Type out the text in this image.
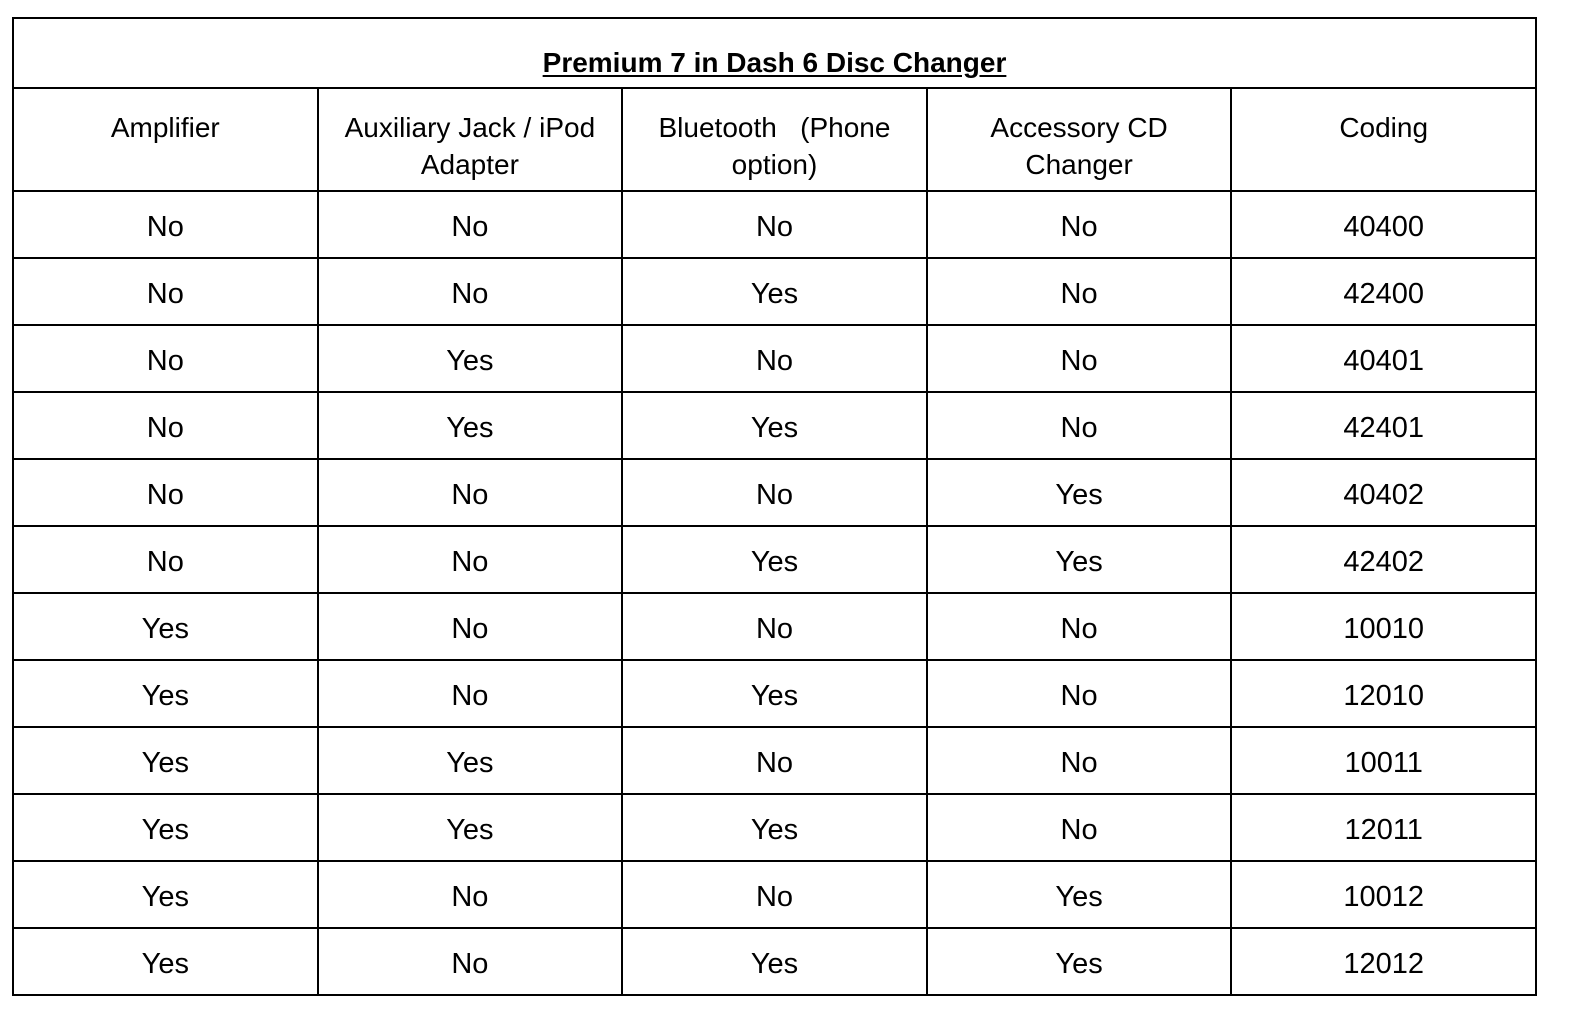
Premium 7 in Dash 6 Disc Changer				
Amplifier	Auxiliary Jack / iPod Adapter	Bluetooth   (Phone option)	Accessory CD Changer	Coding
No	No	No	No	40400
No	No	Yes	No	42400
No	Yes	No	No	40401
No	Yes	Yes	No	42401
No	No	No	Yes	40402
No	No	Yes	Yes	42402
Yes	No	No	No	10010
Yes	No	Yes	No	12010
Yes	Yes	No	No	10011
Yes	Yes	Yes	No	12011
Yes	No	No	Yes	10012
Yes	No	Yes	Yes	12012
